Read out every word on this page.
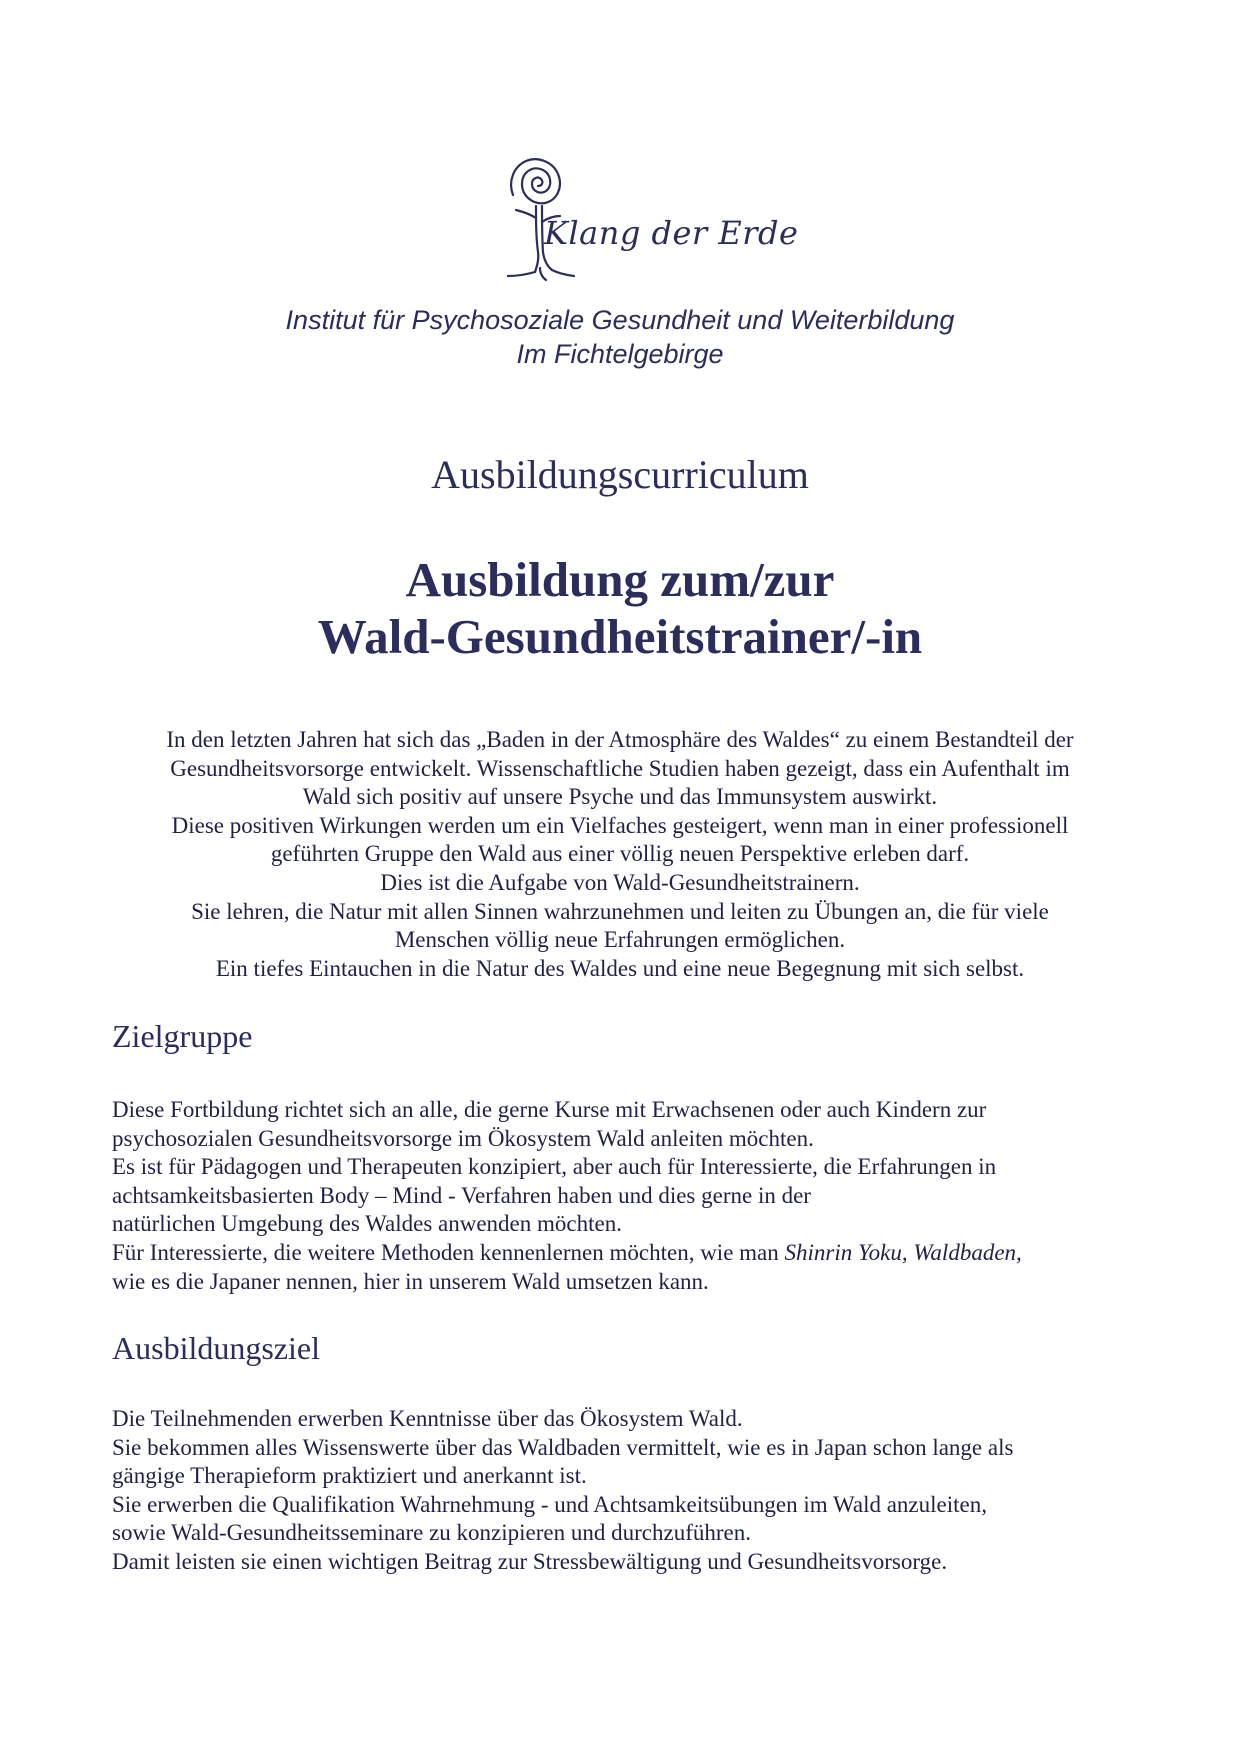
Klang der Erde
Institut für Psychosoziale Gesundheit und Weiterbildung
Im Fichtelgebirge
Ausbildungscurriculum
Ausbildung zum/zur
Wald-Gesundheitstrainer/-in
In den letzten Jahren hat sich das „Baden in der Atmosphäre des Waldes“ zu einem Bestandteil der
Gesundheitsvorsorge entwickelt. Wissenschaftliche Studien haben gezeigt, dass ein Aufenthalt im
Wald sich positiv auf unsere Psyche und das Immunsystem auswirkt.
Diese positiven Wirkungen werden um ein Vielfaches gesteigert, wenn man in einer professionell
geführten Gruppe den Wald aus einer völlig neuen Perspektive erleben darf.
Dies ist die Aufgabe von Wald-Gesundheitstrainern.
Sie lehren, die Natur mit allen Sinnen wahrzunehmen und leiten zu Übungen an, die für viele
Menschen völlig neue Erfahrungen ermöglichen.
Ein tiefes Eintauchen in die Natur des Waldes und eine neue Begegnung mit sich selbst.
Zielgruppe
Diese Fortbildung richtet sich an alle, die gerne Kurse mit Erwachsenen oder auch Kindern zur
psychosozialen Gesundheitsvorsorge im Ökosystem Wald anleiten möchten.
Es ist für Pädagogen und Therapeuten konzipiert, aber auch für Interessierte, die Erfahrungen in
achtsamkeitsbasierten Body – Mind - Verfahren haben und dies gerne in der
natürlichen Umgebung des Waldes anwenden möchten.
Für Interessierte, die weitere Methoden kennenlernen möchten, wie man Shinrin Yoku, Waldbaden,
wie es die Japaner nennen, hier in unserem Wald umsetzen kann.
Ausbildungsziel
Die Teilnehmenden erwerben Kenntnisse über das Ökosystem Wald.
Sie bekommen alles Wissenswerte über das Waldbaden vermittelt, wie es in Japan schon lange als
gängige Therapieform praktiziert und anerkannt ist.
Sie erwerben die Qualifikation Wahrnehmung - und Achtsamkeitsübungen im Wald anzuleiten,
sowie Wald-Gesundheitsseminare zu konzipieren und durchzuführen.
Damit leisten sie einen wichtigen Beitrag zur Stressbewältigung und Gesundheitsvorsorge.
